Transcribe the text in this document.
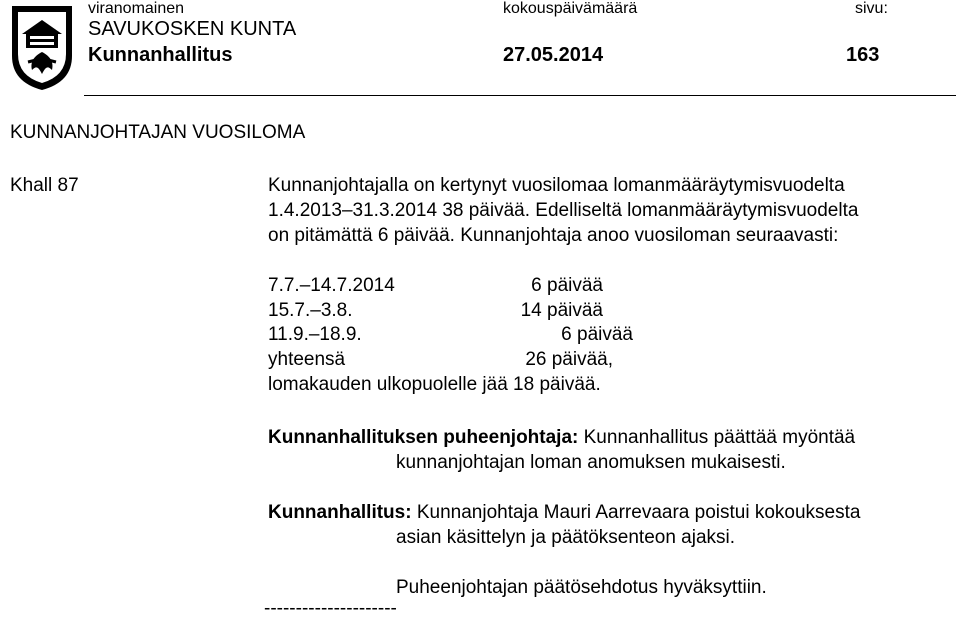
viranomainen	kokouspäivämäärä	sivu:
SAVUKOSKEN KUNTA
Kunnanhallitus	27.05.2014	163
KUNNANJOHTAJAN VUOSILOMA
Khall 87	Kunnanjohtajalla on kertynyt vuosilomaa lomanmääräytymisvuodelta
1.4.2013–31.3.2014 38 päivää. Edelliseltä lomanmääräytymisvuodelta
on pitämättä 6 päivää. Kunnanjohtaja anoo vuosiloman seuraavasti:
7.7.–14.7.2014	6 päivää
15.7.–3.8.	14 päivää
11.9.–18.9.	6 päivää
yhteensä	26 päivää,
lomakauden ulkopuolelle jää 18 päivää.
Kunnanhallituksen puheenjohtaja: Kunnanhallitus päättää myöntää
kunnanjohtajan loman anomuksen mukaisesti.
Kunnanhallitus: Kunnanjohtaja Mauri Aarrevaara poistui kokouksesta
asian käsittelyn ja päätöksenteon ajaksi.
Puheenjohtajan päätösehdotus hyväksyttiin.
---------------------
